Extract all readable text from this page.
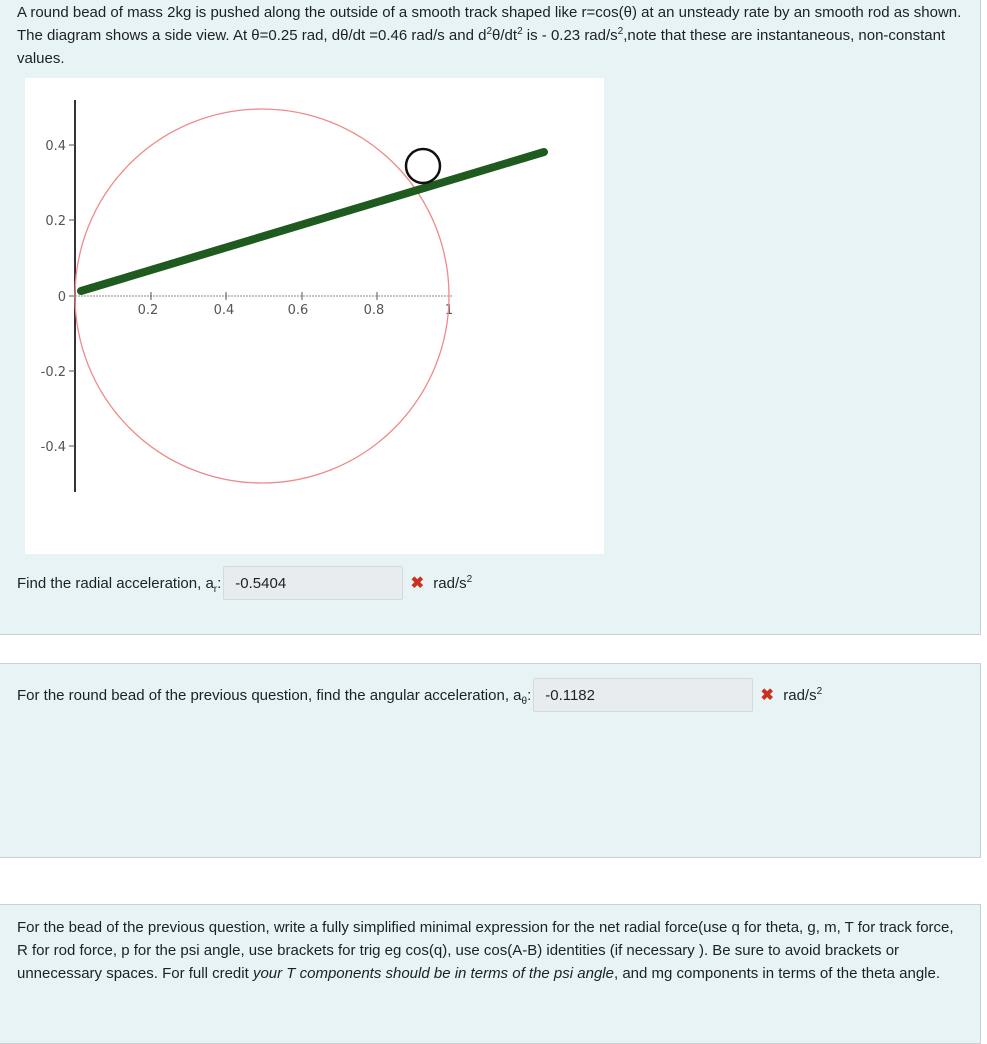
A round bead of mass 2kg is pushed along the outside of a smooth track shaped like r=cos(θ) at an unsteady rate by an smooth rod as shown. The diagram shows a side view. At θ=0.25 rad, dθ/dt =0.46 rad/s and $d^2\theta/dt^2$ is - 0.23 rad/$s^2,note$ that these are instantaneous, non-constant values.
0.4
0.2
0
-0.2
-0.4
0.2	0.4	0.6	0.8	1
Find the radial acceleration, $a_r$:
-0.5404	✖ rad/$s^2$
For the round bead of the previous question, find the angular acceleration, $a_\theta$:
-0.1182	✖ rad/$s^2$
For the bead of the previous question, write a fully simplified minimal expression for the net radial force(use q for theta, g, m, T for track force, R for rod force, p for the psi angle, use brackets for trig eg cos(q), use cos(A-B) identities (if necessary ). Be sure to avoid brackets or unnecessary spaces. For full credit your T components should be in terms of the psi angle, and mg components in terms of the theta angle.
